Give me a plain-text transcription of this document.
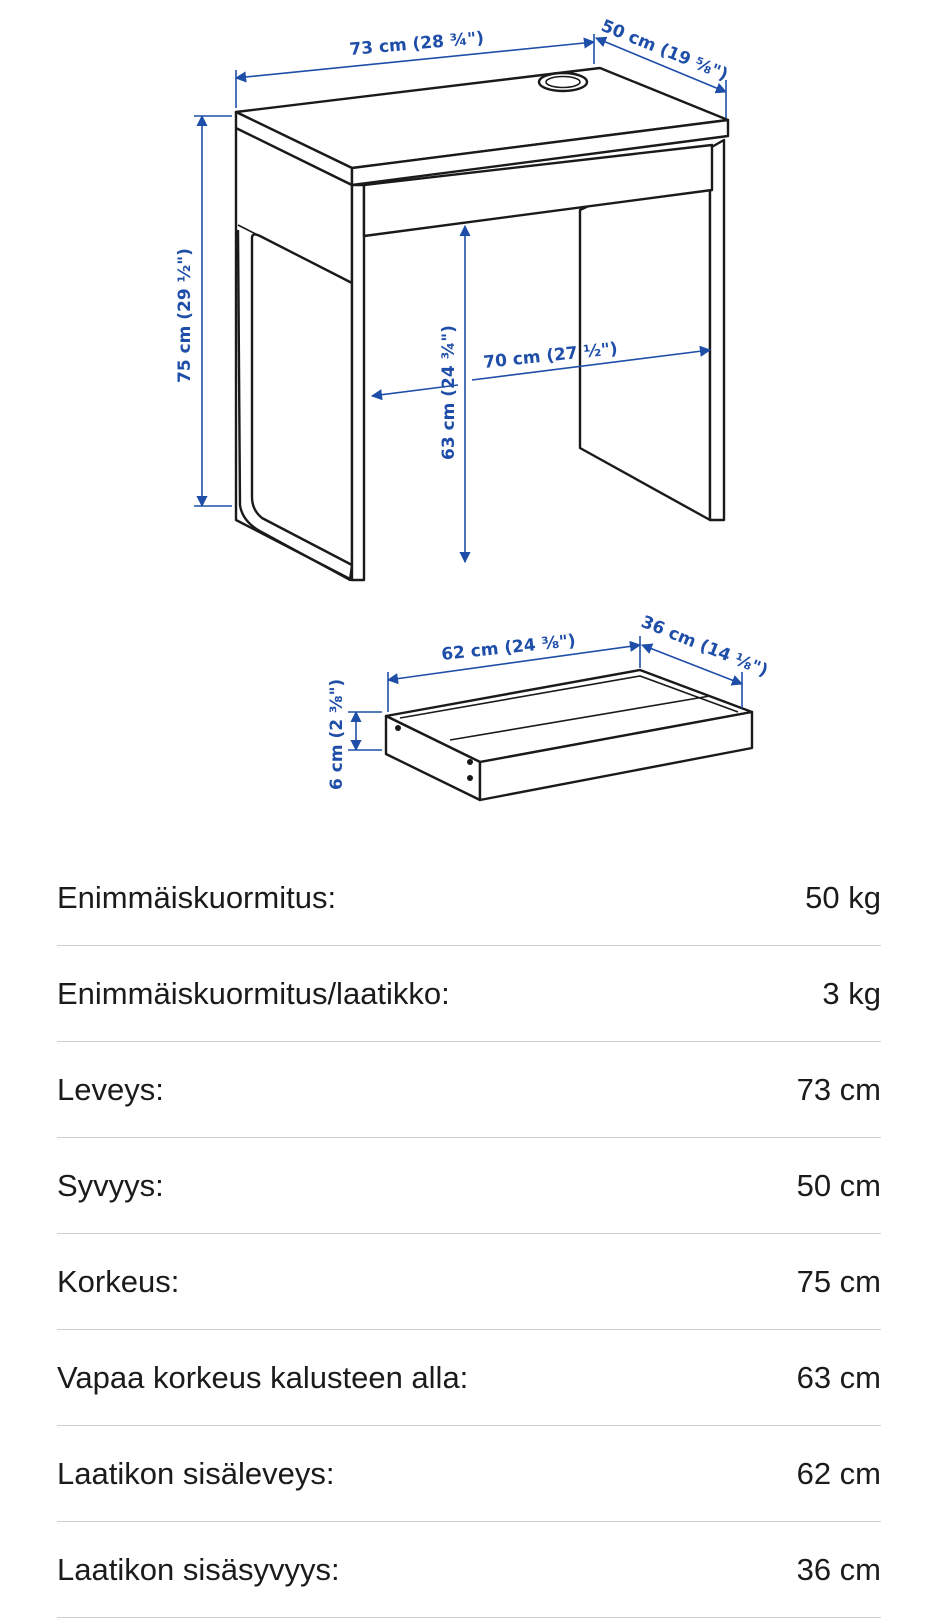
73 cm (28 ¾")	50 cm (19 ⅝")
75 cm (29 ½")
63 cm (24 ¾") 70 cm (27 ½")
62 cm (24 ⅜")	36 cm (14 ⅛")
6 cm (2 ⅜")
Enimmäiskuormitus:	50 kg
Enimmäiskuormitus/laatikko:	3 kg
Leveys:	73 cm
Syvyys:	50 cm
Korkeus:	75 cm
Vapaa korkeus kalusteen alla:	63 cm
Laatikon sisäleveys:	62 cm
Laatikon sisäsyvyys:	36 cm
